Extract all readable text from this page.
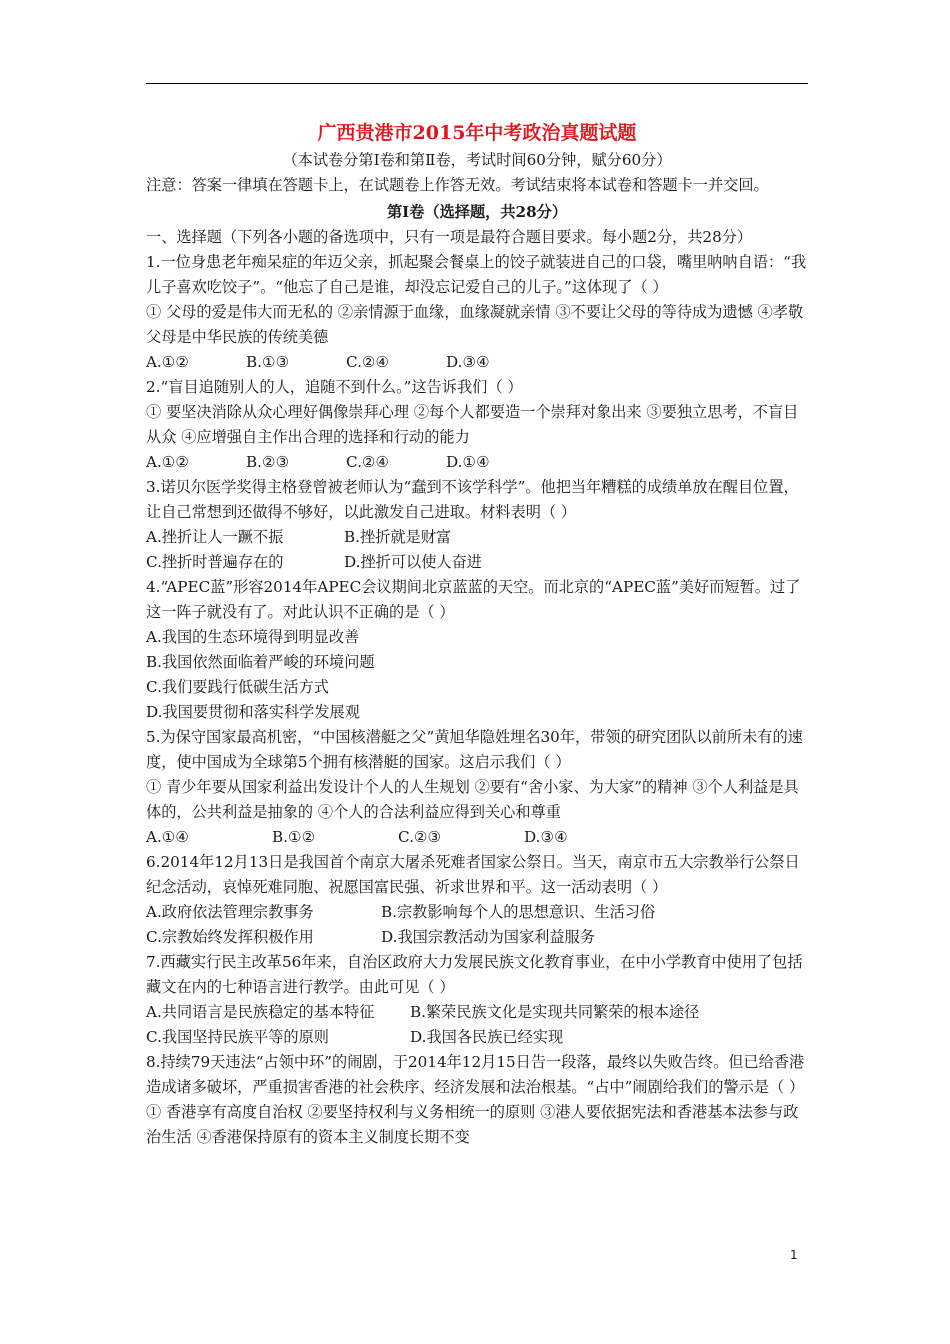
广西贵港市2015年中考政治真题试题

（本试卷分第Ⅰ卷和第Ⅱ卷，考试时间60分钟，赋分60分）

注意：答案一律填在答题卡上，在试题卷上作答无效。考试结束将本试卷和答题卡一并交回。

第Ⅰ卷（选择题，共28分）

一、选择题（下列各小题的备选项中，只有一项是最符合题目要求。每小题2分，共28分）

1.一位身患老年痴呆症的年迈父亲，抓起聚会餐桌上的饺子就装进自己的口袋，嘴里呐呐自语：“我儿子喜欢吃饺子”。“他忘了自己是谁，却没忘记爱自己的儿子。”这体现了（ ）

① 父母的爱是伟大而无私的 ②亲情源于血缘，血缘凝就亲情 ③不要让父母的等待成为遗憾 ④孝敬父母是中华民族的传统美德

A.①②	B.①③	C.②④	D.③④

2.“盲目追随别人的人，追随不到什么。”这告诉我们（ ）

① 要坚决消除从众心理好偶像崇拜心理 ②每个人都要造一个崇拜对象出来 ③要独立思考，不盲目从众 ④应增强自主作出合理的选择和行动的能力

A.①②	B.②③	C.②④	D.①④

3.诺贝尔医学奖得主格登曾被老师认为“蠢到不该学科学”。他把当年糟糕的成绩单放在醒目位置，让自己常想到还做得不够好，以此激发自己进取。材料表明（ ）

A.挫折让人一蹶不振	B.挫折就是财富
C.挫折时普遍存在的	D.挫折可以使人奋进

4.“APEC蓝”形容2014年APEC会议期间北京蓝蓝的天空。而北京的“APEC蓝”美好而短暂。过了这一阵子就没有了。对此认识不正确的是（ ）

A.我国的生态环境得到明显改善

B.我国依然面临着严峻的环境问题

C.我们要践行低碳生活方式

D.我国要贯彻和落实科学发展观

5.为保守国家最高机密，“中国核潜艇之父”黄旭华隐姓埋名30年，带领的研究团队以前所未有的速度，使中国成为全球第5个拥有核潜艇的国家。这启示我们（ ）

① 青少年要从国家利益出发设计个人的人生规划 ②要有“舍小家、为大家”的精神 ③个人利益是具体的，公共利益是抽象的 ④个人的合法利益应得到关心和尊重

A.①④	B.①②	C.②③	D.③④

6.2014年12月13日是我国首个南京大屠杀死难者国家公祭日。当天，南京市五大宗教举行公祭日纪念活动，哀悼死难同胞、祝愿国富民强、祈求世界和平。这一活动表明（ ）

A.政府依法管理宗教事务	B.宗教影响每个人的思想意识、生活习俗
C.宗教始终发挥积极作用	D.我国宗教活动为国家利益服务

7.西藏实行民主改革56年来，自治区政府大力发展民族文化教育事业，在中小学教育中使用了包括藏文在内的七种语言进行教学。由此可见（ ）

A.共同语言是民族稳定的基本特征	B.繁荣民族文化是实现共同繁荣的根本途径
C.我国坚持民族平等的原则	D.我国各民族已经实现

8.持续79天违法“占领中环”的闹剧，于2014年12月15日告一段落，最终以失败告终。但已给香港造成诸多破坏，严重损害香港的社会秩序、经济发展和法治根基。“占中”闹剧给我们的警示是（ ）

① 香港享有高度自治权 ②要坚持权利与义务相统一的原则 ③港人要依据宪法和香港基本法参与政治生活 ④香港保持原有的资本主义制度长期不变

1
